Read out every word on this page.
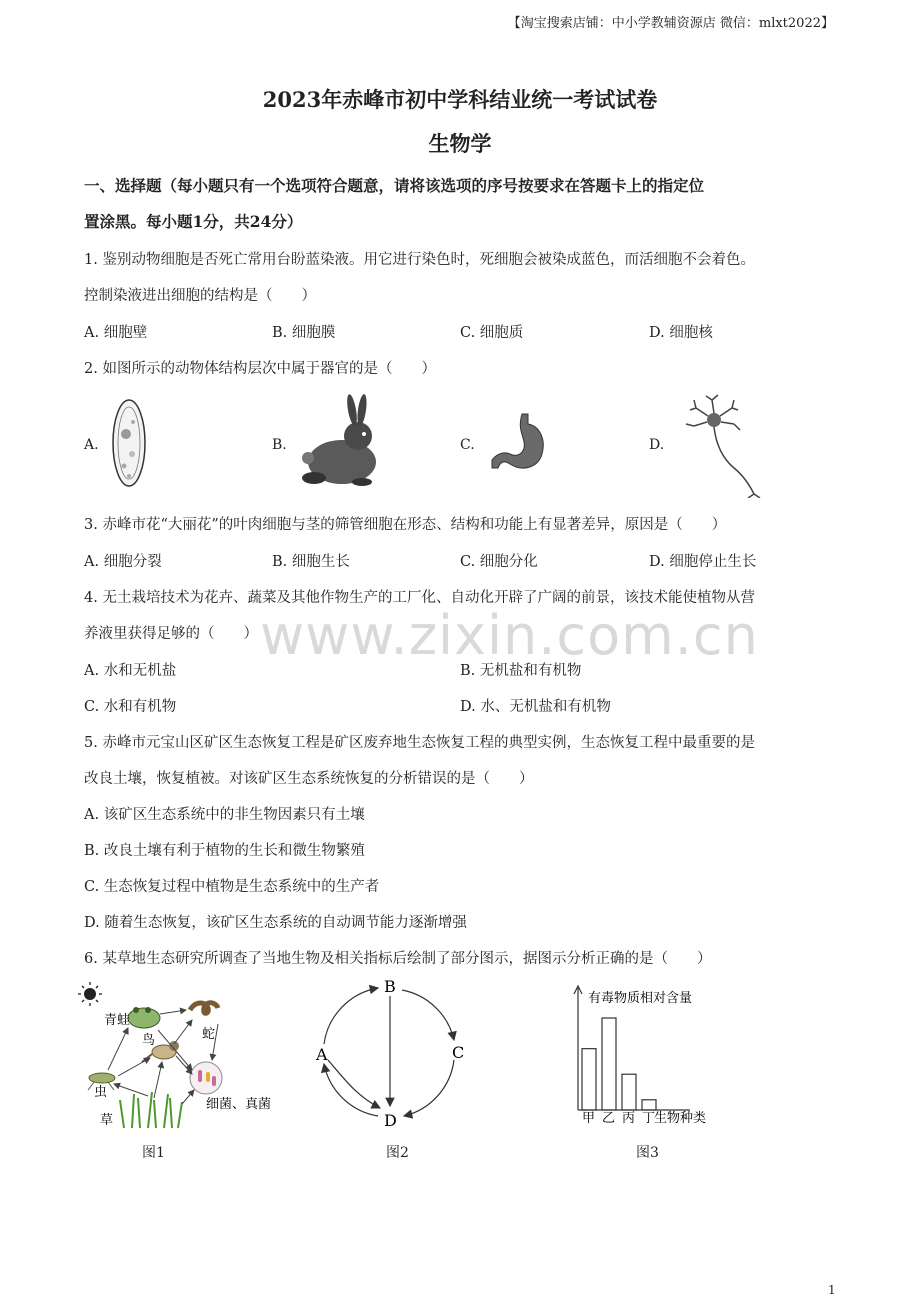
【淘宝搜索店铺：中小学教辅资源店 微信：mlxt2022】
2023年赤峰市初中学科结业统一考试试卷
生物学
一、选择题（每小题只有一个选项符合题意，请将该选项的序号按要求在答题卡上的指定位
置涂黑。每小题1分，共24分）
1. 鉴别动物细胞是否死亡常用台盼蓝染液。用它进行染色时，死细胞会被染成蓝色，而活细胞不会着色。
控制染液进出细胞的结构是（　　）
A. 细胞壁	B. 细胞膜	C. 细胞质	D. 细胞核
2. 如图所示的动物体结构层次中属于器官的是（　　）
A.	B.	C.	D.
3. 赤峰市花“大丽花”的叶肉细胞与茎的筛管细胞在形态、结构和功能上有显著差异，原因是（　　）
A. 细胞分裂	B. 细胞生长	C. 细胞分化	D. 细胞停止生长
4. 无土栽培技术为花卉、蔬菜及其他作物生产的工厂化、自动化开辟了广阔的前景，该技术能使植物从营
养液里获得足够的（　　） www.zixin.com.cn
A. 水和无机盐	B. 无机盐和有机物
C. 水和有机物	D. 水、无机盐和有机物
5. 赤峰市元宝山区矿区生态恢复工程是矿区废弃地生态恢复工程的典型实例，生态恢复工程中最重要的是
改良土壤，恢复植被。对该矿区生态系统恢复的分析错误的是（　　）
A. 该矿区生态系统中的非生物因素只有土壤
B. 改良土壤有利于植物的生长和微生物繁殖
C. 生态恢复过程中植物是生态系统中的生产者
D. 随着生态恢复，该矿区生态系统的自动调节能力逐渐增强
6. 某草地生态研究所调查了当地生物及相关指标后绘制了部分图示，据图示分析正确的是（　　）
青蛙
蛇
鸟
虫
草
细菌、真菌
图1
B
C
D
A
图2
有毒物质相对含量
甲 乙 丙 丁
生物种类
图3
1
